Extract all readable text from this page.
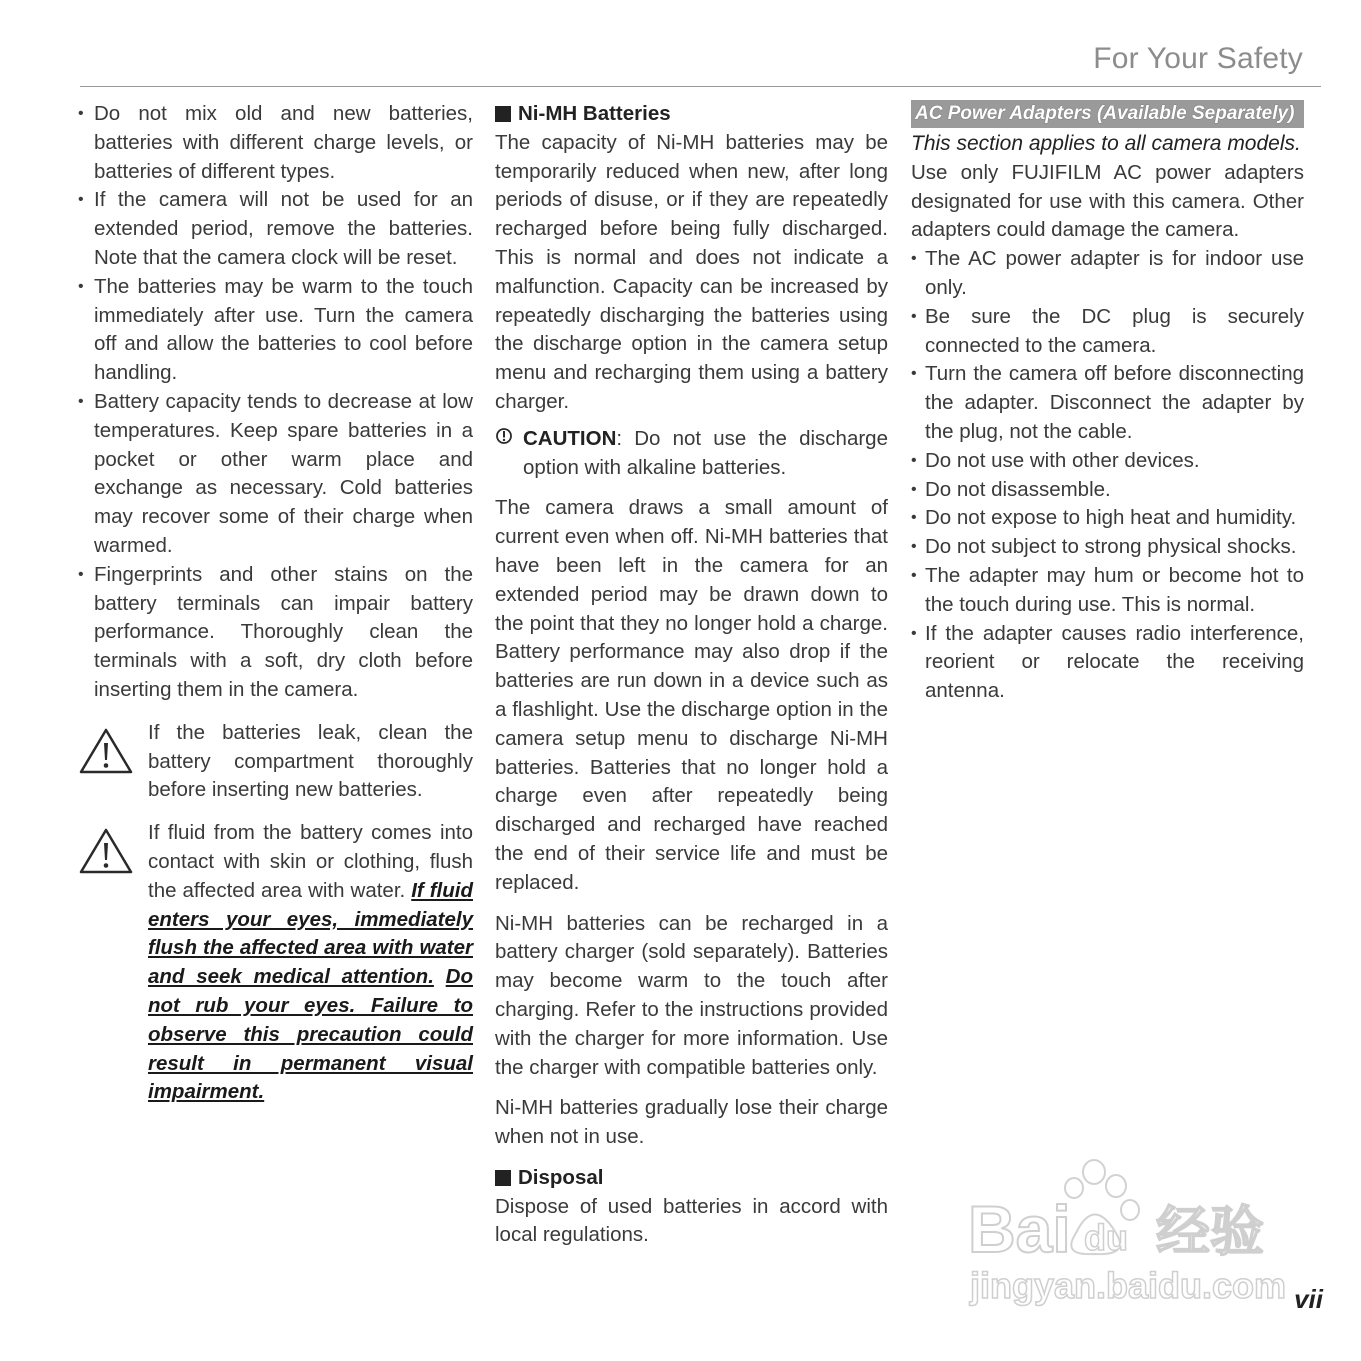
For Your Safety
• Do not mix old and new batteries, batteries with different charge levels, or batteries of different types.
• If the camera will not be used for an extended period, remove the batteries. Note that the camera clock will be reset.
• The batteries may be warm to the touch immediately after use. Turn the camera off and allow the batteries to cool before handling.
• Battery capacity tends to decrease at low temperatures. Keep spare batteries in a pocket or other warm place and exchange as necessary. Cold batteries may recover some of their charge when warmed.
• Fingerprints and other stains on the battery terminals can impair battery performance. Thoroughly clean the terminals with a soft, dry cloth before inserting them in the camera.

If the batteries leak, clean the battery compartment thoroughly before inserting new batteries.

If fluid from the battery comes into contact with skin or clothing, flush the affected area with water. If fluid enters your eyes, immediately flush the affected area with water and seek medical attention. Do not rub your eyes. Failure to observe this precaution could result in permanent visual impairment.

Ni-MH Batteries

The capacity of Ni-MH batteries may be temporarily reduced when new, after long periods of disuse, or if they are repeatedly recharged before being fully discharged. This is normal and does not indicate a malfunction. Capacity can be increased by repeatedly discharging the batteries using the discharge option in the camera setup menu and recharging them using a battery charger.

CAUTION: Do not use the discharge option with alkaline batteries.

The camera draws a small amount of current even when off. Ni-MH batteries that have been left in the camera for an extended period may be drawn down to the point that they no longer hold a charge. Battery performance may also drop if the batteries are run down in a device such as a flashlight. Use the discharge option in the camera setup menu to discharge Ni-MH batteries. Batteries that no longer hold a charge even after repeatedly being discharged and recharged have reached the end of their service life and must be replaced.

Ni-MH batteries can be recharged in a battery charger (sold separately). Batteries may become warm to the touch after charging. Refer to the instructions provided with the charger for more information. Use the charger with compatible batteries only.

Ni-MH batteries gradually lose their charge when not in use.

Disposal

Dispose of used batteries in accord with local regulations.

AC Power Adapters (Available Separately)

This section applies to all camera models.

Use only FUJIFILM AC power adapters designated for use with this camera. Other adapters could damage the camera.

• The AC power adapter is for indoor use only.
• Be sure the DC plug is securely connected to the camera.
• Turn the camera off before disconnecting the adapter. Disconnect the adapter by the plug, not the cable.
• Do not use with other devices.
• Do not disassemble.
• Do not expose to high heat and humidity.
• Do not subject to strong physical shocks.
• The adapter may hum or become hot to the touch during use. This is normal.
• If the adapter causes radio interference, reorient or relocate the receiving antenna.
Bai du 经验
jingyan.baidu.com vii
